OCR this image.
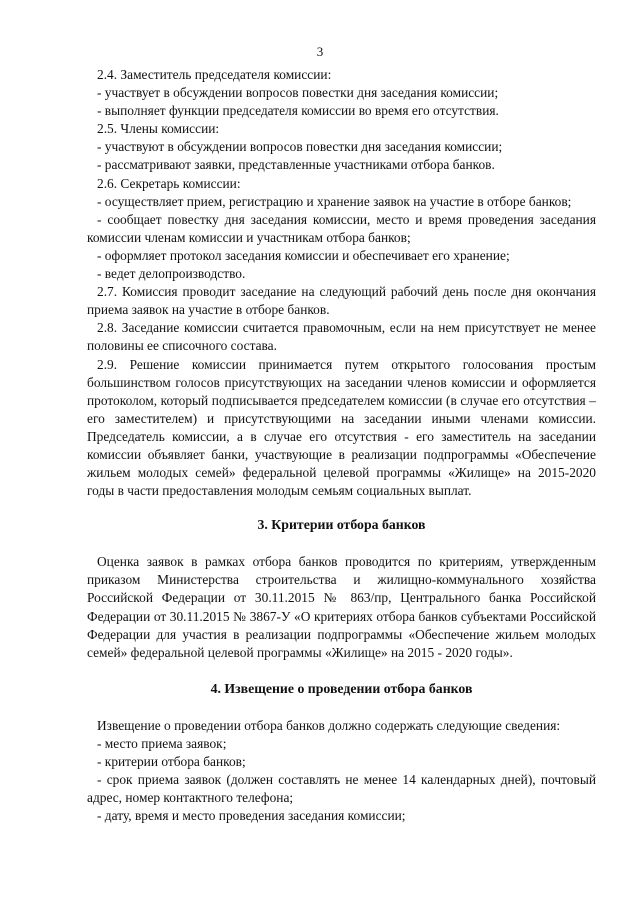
3

2.4. Заместитель председателя комиссии:

- участвует в обсуждении вопросов повестки дня заседания комиссии;

- выполняет функции председателя комиссии во время его отсутствия.

2.5. Члены комиссии:

- участвуют в обсуждении вопросов повестки дня заседания комиссии;

- рассматривают заявки, представленные участниками отбора банков.

2.6. Секретарь комиссии:

- осуществляет прием, регистрацию и хранение заявок на участие в отборе банков;

- сообщает повестку дня заседания комиссии, место и время проведения заседания комиссии членам комиссии и участникам отбора банков;

- оформляет протокол заседания комиссии и обеспечивает его хранение;

- ведет делопроизводство.

2.7. Комиссия проводит заседание на следующий рабочий день после дня окончания приема заявок на участие в отборе банков.

2.8. Заседание комиссии считается правомочным, если на нем присутствует не менее половины ее списочного состава.

2.9. Решение комиссии принимается путем открытого голосования простым большинством голосов присутствующих на заседании членов комиссии и оформляется протоколом, который подписывается председателем комиссии (в случае его отсутствия – его заместителем) и присутствующими на заседании иными членами комиссии. Председатель комиссии, а в случае его отсутствия - его заместитель на заседании комиссии объявляет банки, участвующие в реализации подпрограммы «Обеспечение жильем молодых семей» федеральной целевой программы «Жилище» на 2015-2020 годы в части предоставления молодым семьям социальных выплат.

3. Критерии отбора банков

Оценка заявок в рамках отбора банков проводится по критериям, утвержденным приказом Министерства строительства и жилищно-коммунального хозяйства Российской Федерации от 30.11.2015 № 863/пр, Центрального банка Российской Федерации от 30.11.2015 № 3867-У «О критериях отбора банков субъектами Российской Федерации для участия в реализации подпрограммы «Обеспечение жильем молодых семей» федеральной целевой программы «Жилище» на 2015 - 2020 годы».

4. Извещение о проведении отбора банков

Извещение о проведении отбора банков должно содержать следующие сведения:

- место приема заявок;

- критерии отбора банков;

- срок приема заявок (должен составлять не менее 14 календарных дней), почтовый адрес, номер контактного телефона;

- дату, время и место проведения заседания комиссии;
